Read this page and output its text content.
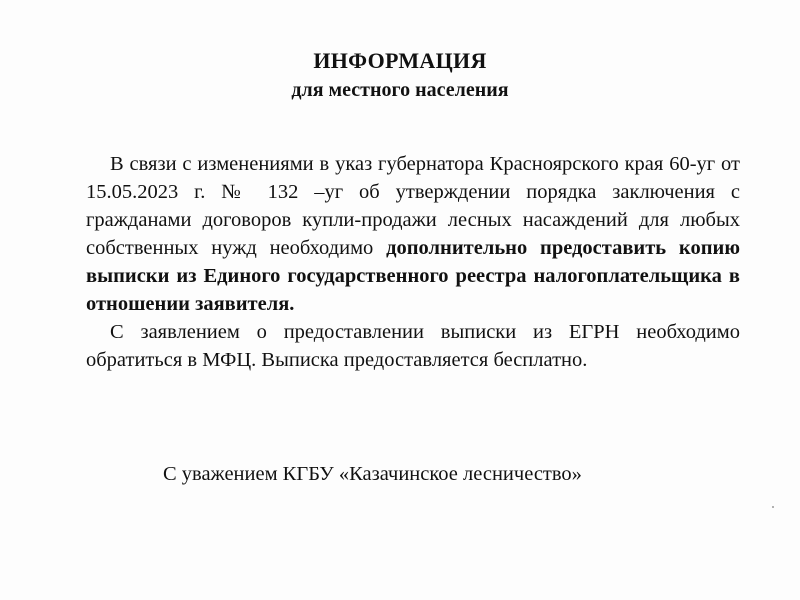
ИНФОРМАЦИЯ
для местного населения

В связи с изменениями в указ губернатора Красноярского края 60-уг от 15.05.2023 г. № 132 –уг об утверждении порядка заключения с гражданами договоров купли-продажи лесных насаждений для любых собственных нужд необходимо дополнительно предоставить копию выписки из Единого государственного реестра налогоплательщика в отношении заявителя.

С заявлением о предоставлении выписки из ЕГРН необходимо обратиться в МФЦ. Выписка предоставляется бесплатно.

С уважением КГБУ «Казачинское лесничество»
